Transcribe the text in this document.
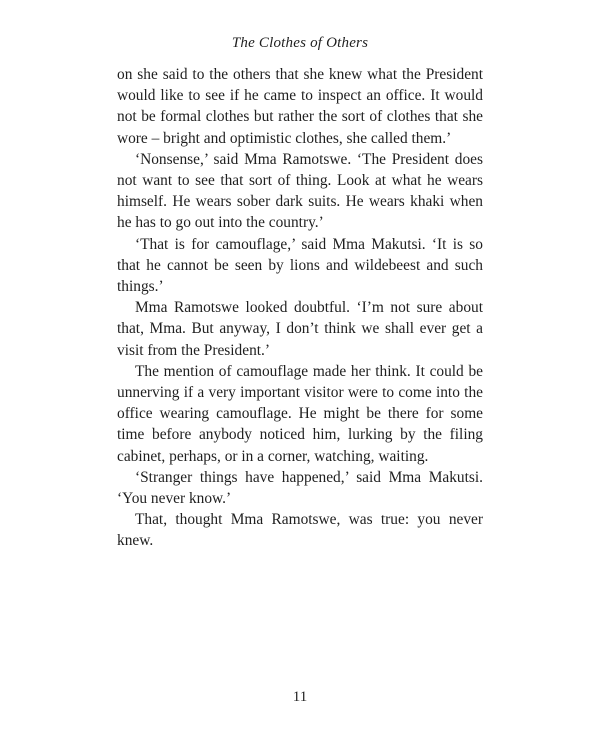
The Clothes of Others

on she said to the others that she knew what the President would like to see if he came to inspect an office. It would not be formal clothes but rather the sort of clothes that she wore – bright and optimistic clothes, she called them.’

‘Nonsense,’ said Mma Ramotswe. ‘The President does not want to see that sort of thing. Look at what he wears himself. He wears sober dark suits. He wears khaki when he has to go out into the country.’

‘That is for camouflage,’ said Mma Makutsi. ‘It is so that he cannot be seen by lions and wildebeest and such things.’

Mma Ramotswe looked doubtful. ‘I’m not sure about that, Mma. But anyway, I don’t think we shall ever get a visit from the President.’

The mention of camouflage made her think. It could be unnerving if a very important visitor were to come into the office wearing camouflage. He might be there for some time before anybody noticed him, lurking by the filing cabinet, perhaps, or in a corner, watching, waiting.

‘Stranger things have happened,’ said Mma Makutsi. ‘You never know.’

That, thought Mma Ramotswe, was true: you never knew.

11
